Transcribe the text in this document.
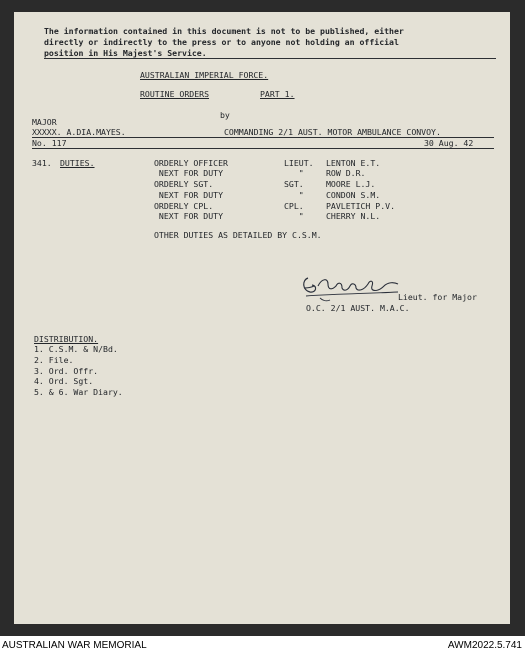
The information contained in this document is not to be published, either
directly or indirectly to the press or to anyone not holding an official
position in His Majest's Service.
AUSTRALIAN IMPERIAL FORCE.
ROUTINE ORDERS	PART 1.
by
MAJOR
XXXXX. A.DIA.MAYES.	COMMANDING 2/1 AUST. MOTOR AMBULANCE CONVOY.
No. 117	30 Aug. 42
341. DUTIES.	ORDERLY OFFICER	LIEUT. LENTON E.T.
NEXT FOR DUTY	"	ROW D.R.
ORDERLY SGT.	SGT.	MOORE L.J.
NEXT FOR DUTY	"	CONDON S.M.
ORDERLY CPL.	CPL.	PAVLETICH P.V.
NEXT FOR DUTY	"	CHERRY N.L.
OTHER DUTIES AS DETAILED BY C.S.M.
Lieut. for Major
O.C. 2/1 AUST. M.A.C.
DISTRIBUTION.
1. C.S.M. & N/Bd.
2. File.
3. Ord. Offr.
4. Ord. Sgt.
5. & 6. War Diary.
AUSTRALIAN WAR MEMORIAL	AWM2022.5.741
